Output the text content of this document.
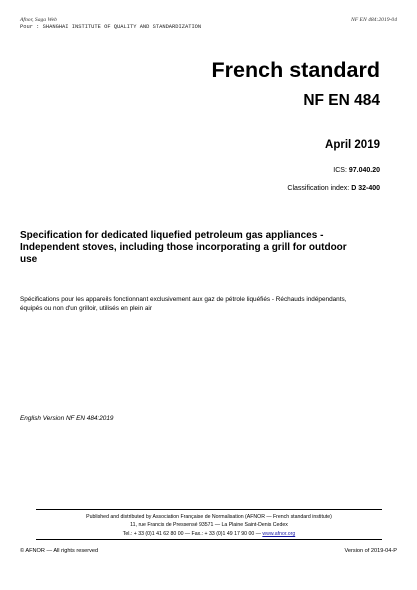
Afnor, Saga Web
Pour : SHANGHAI INSTITUTE OF QUALITY AND STANDARDIZATION
NF EN 484:2019-04
French standard
NF EN 484
April 2019
ICS: 97.040.20
Classification index: D 32-400
Specification for dedicated liquefied petroleum gas appliances - Independent stoves, including those incorporating a grill for outdoor use
Spécifications pour les appareils fonctionnant exclusivement aux gaz de pétrole liquéfiés - Réchauds indépendants, équipés ou non d'un grilloir, utilisés en plein air
English Version NF EN 484:2019
Published and distributed by Association Française de Normalisation (AFNOR — French standard institute)
11, rue Francis de Pressensé 93571 — La Plaine Saint-Denis Cedex
Tel.: + 33 (0)1 41 62 80 00 — Fax.: + 33 (0)1 49 17 90 00 — www.afnor.org
© AFNOR — All rights reserved	Version of 2019-04-P
